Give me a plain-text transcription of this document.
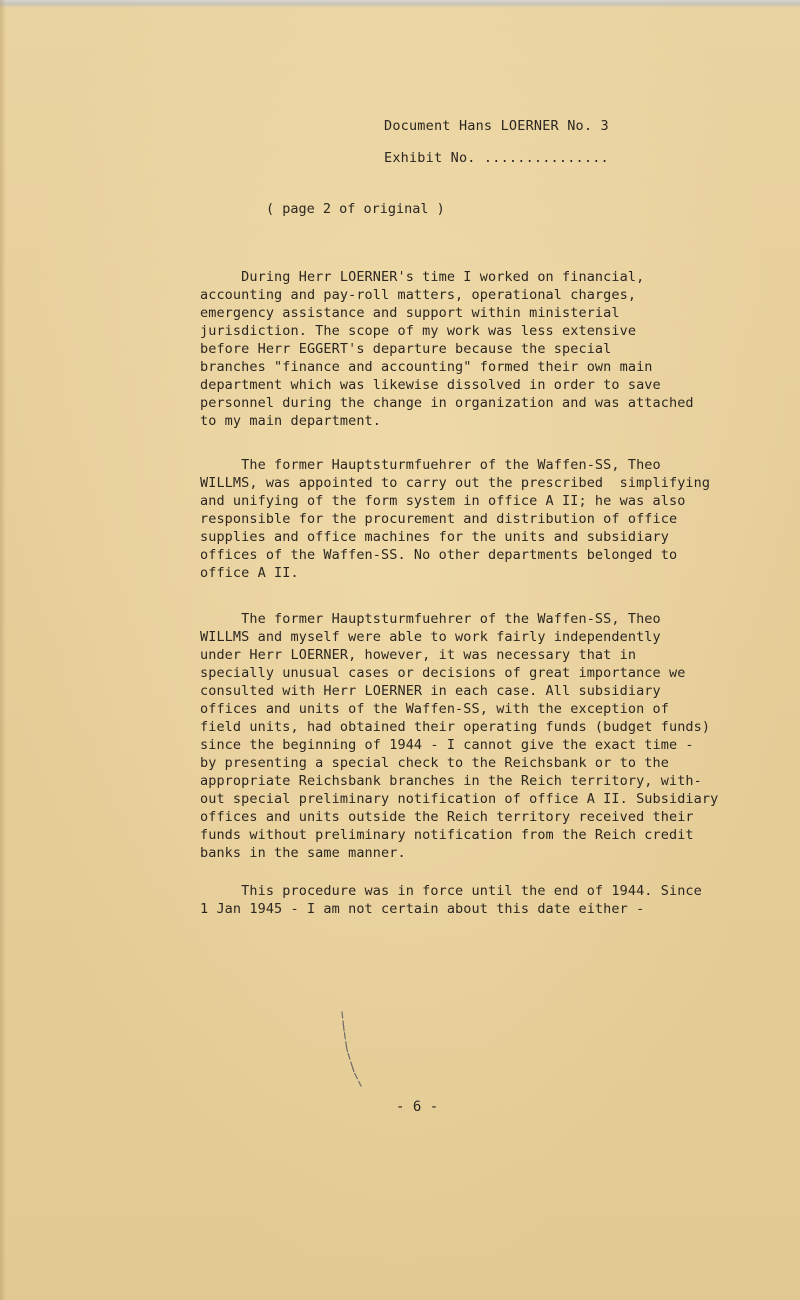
Document Hans LOERNER No. 3
Exhibit No. ...............
( page 2 of original )

During Herr LOERNER's time I worked on financial,
accounting and pay-roll matters, operational charges,
emergency assistance and support within ministerial
jurisdiction. The scope of my work was less extensive
before Herr EGGERT's departure because the special
branches "finance and accounting" formed their own main
department which was likewise dissolved in order to save
personnel during the change in organization and was attached
to my main department.

The former Hauptsturmfuehrer of the Waffen-SS, Theo
WILLMS, was appointed to carry out the prescribed  simplifying
and unifying of the form system in office A II; he was also
responsible for the procurement and distribution of office
supplies and office machines for the units and subsidiary
offices of the Waffen-SS. No other departments belonged to
office A II.

The former Hauptsturmfuehrer of the Waffen-SS, Theo
WILLMS and myself were able to work fairly independently
under Herr LOERNER, however, it was necessary that in
specially unusual cases or decisions of great importance we
consulted with Herr LOERNER in each case. All subsidiary
offices and units of the Waffen-SS, with the exception of
field units, had obtained their operating funds (budget funds)
since the beginning of 1944 - I cannot give the exact time -
by presenting a special check to the Reichsbank or to the
appropriate Reichsbank branches in the Reich territory, with-
out special preliminary notification of office A II. Subsidiary
offices and units outside the Reich territory received their
funds without preliminary notification from the Reich credit
banks in the same manner.

This procedure was in force until the end of 1944. Since
1 Jan 1945 - I am not certain about this date either -

- 6 -
